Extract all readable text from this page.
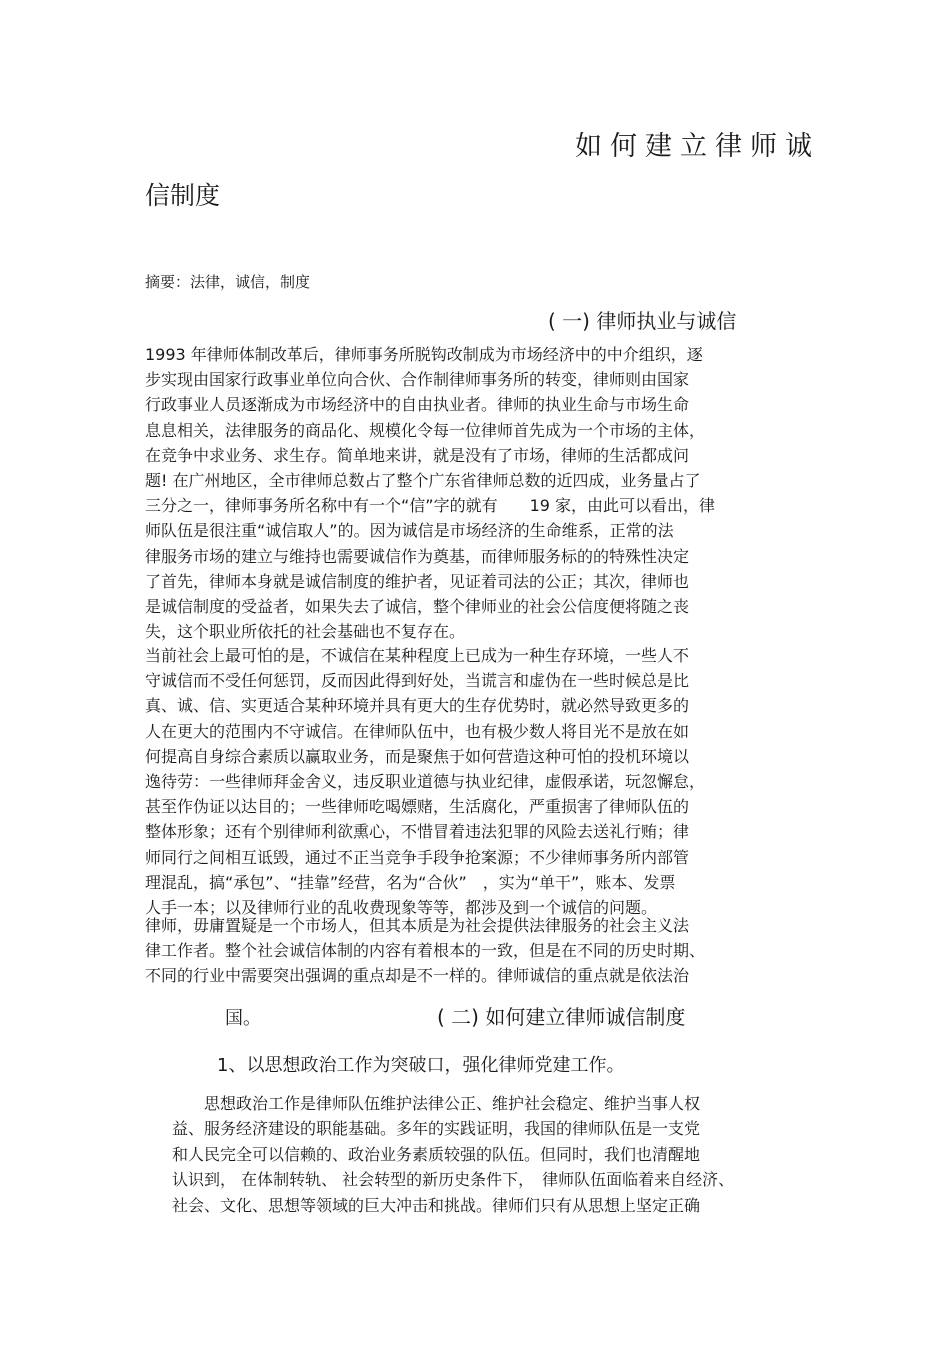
如何建立律师诚
信制度
摘要：法律，诚信，制度
( 一) 律师执业与诚信
1993 年律师体制改革后，律师事务所脱钩改制成为市场经济中的中介组织，逐
步实现由国家行政事业单位向合伙、合作制律师事务所的转变，律师则由国家
行政事业人员逐渐成为市场经济中的自由执业者。律师的执业生命与市场生命
息息相关，法律服务的商品化、规模化令每一位律师首先成为一个市场的主体，
在竞争中求业务、求生存。简单地来讲，就是没有了市场，律师的生活都成问
题! 在广州地区，全市律师总数占了整个广东省律师总数的近四成，业务量占了
三分之一，律师事务所名称中有一个“信”字的就有　　19 家，由此可以看出，律
师队伍是很注重“诚信取人”的。因为诚信是市场经济的生命维系，正常的法
律服务市场的建立与维持也需要诚信作为奠基，而律师服务标的的特殊性决定
了首先，律师本身就是诚信制度的维护者，见证着司法的公正；其次，律师也
是诚信制度的受益者，如果失去了诚信，整个律师业的社会公信度便将随之丧
失，这个职业所依托的社会基础也不复存在。
当前社会上最可怕的是，不诚信在某种程度上已成为一种生存环境，一些人不
守诚信而不受任何惩罚，反而因此得到好处，当谎言和虚伪在一些时候总是比
真、诚、信、实更适合某种环境并具有更大的生存优势时，就必然导致更多的
人在更大的范围内不守诚信。在律师队伍中，也有极少数人将目光不是放在如
何提高自身综合素质以赢取业务，而是聚焦于如何营造这种可怕的投机环境以
逸待劳：一些律师拜金舍义，违反职业道德与执业纪律，虚假承诺，玩忽懈怠，
甚至作伪证以达目的；一些律师吃喝嫖赌，生活腐化，严重损害了律师队伍的
整体形象；还有个别律师利欲熏心，不惜冒着违法犯罪的风险去送礼行贿；律
师同行之间相互诋毁，通过不正当竞争手段争抢案源；不少律师事务所内部管
理混乱，搞“承包”、“挂靠”经营，名为“合伙”　，实为“单干”，账本、发票
人手一本；以及律师行业的乱收费现象等等，都涉及到一个诚信的问题。
律师，毋庸置疑是一个市场人，但其本质是为社会提供法律服务的社会主义法
律工作者。整个社会诚信体制的内容有着根本的一致，但是在不同的历史时期、
不同的行业中需要突出强调的重点却是不一样的。律师诚信的重点就是依法治
国。	( 二) 如何建立律师诚信制度
1、以思想政治工作为突破口，强化律师党建工作。
　　思想政治工作是律师队伍维护法律公正、维护社会稳定、维护当事人权
益、服务经济建设的职能基础。多年的实践证明，我国的律师队伍是一支党
和人民完全可以信赖的、政治业务素质较强的队伍。但同时，我们也清醒地
认识到， 在体制转轨、 社会转型的新历史条件下，　律师队伍面临着来自经济、
社会、文化、思想等领域的巨大冲击和挑战。律师们只有从思想上坚定正确
